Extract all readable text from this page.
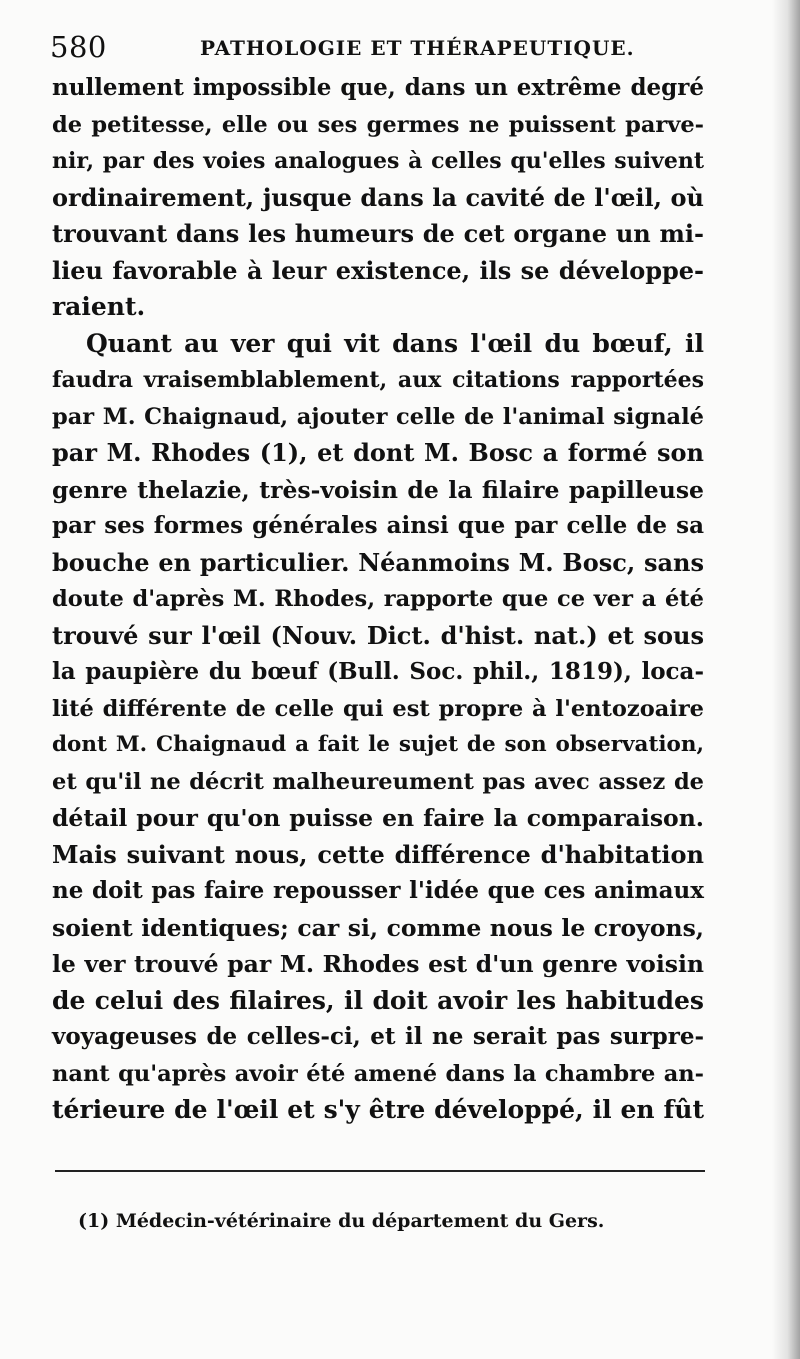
580	PATHOLOGIE ET THÉRAPEUTIQUE.
nullement impossible que, dans un extrême degré
de petitesse, elle ou ses germes ne puissent parve-
nir, par des voies analogues à celles qu'elles suivent
ordinairement, jusque dans la cavité de l'œil, où
trouvant dans les humeurs de cet organe un mi-
lieu favorable à leur existence, ils se développe-
raient.
Quant au ver qui vit dans l'œil du bœuf, il
faudra vraisemblablement, aux citations rapportées
par M. Chaignaud, ajouter celle de l'animal signalé
par M. Rhodes (1), et dont M. Bosc a formé son
genre thelazie, très-voisin de la filaire papilleuse
par ses formes générales ainsi que par celle de sa
bouche en particulier. Néanmoins M. Bosc, sans
doute d'après M. Rhodes, rapporte que ce ver a été
trouvé sur l'œil (Nouv. Dict. d'hist. nat.) et sous
la paupière du bœuf (Bull. Soc. phil., 1819), loca-
lité différente de celle qui est propre à l'entozoaire
dont M. Chaignaud a fait le sujet de son observation,
et qu'il ne décrit malheureument pas avec assez de
détail pour qu'on puisse en faire la comparaison.
Mais suivant nous, cette différence d'habitation
ne doit pas faire repousser l'idée que ces animaux
soient identiques; car si, comme nous le croyons,
le ver trouvé par M. Rhodes est d'un genre voisin
de celui des filaires, il doit avoir les habitudes
voyageuses de celles-ci, et il ne serait pas surpre-
nant qu'après avoir été amené dans la chambre an-
térieure de l'œil et s'y être développé, il en fût
(1) Médecin-vétérinaire du département du Gers.
